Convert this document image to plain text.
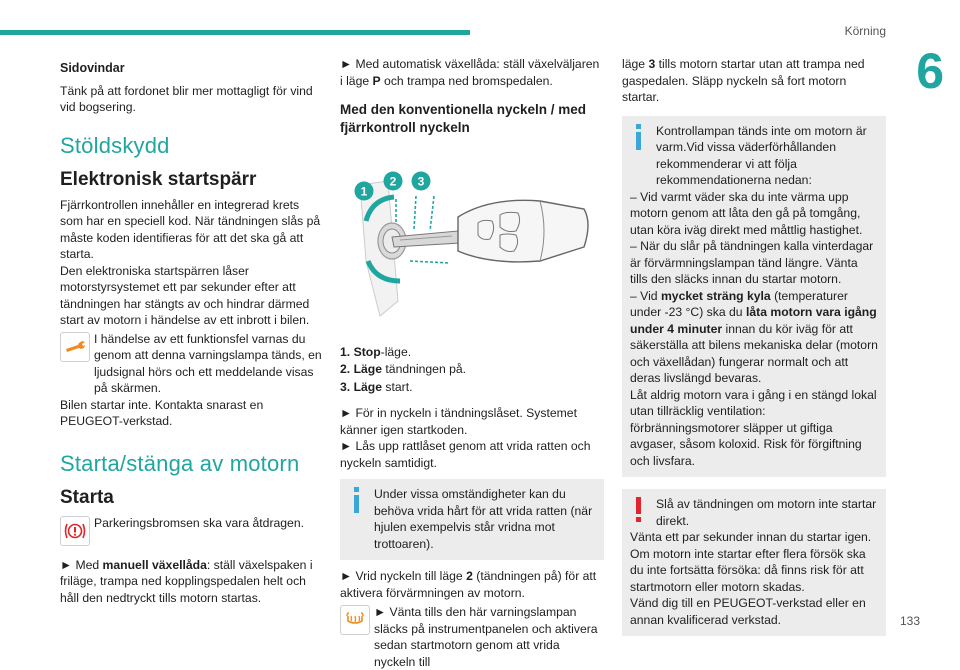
Körning
6
133
Sidovindar

Tänk på att fordonet blir mer mottagligt för vind vid bogsering.

Stöldskydd
Elektronisk startspärr

Fjärrkontrollen innehåller en integrerad krets som har en speciell kod. När tändningen slås på måste koden identifieras för att det ska gå att starta.

Den elektroniska startspärren låser motorstyrsystemet ett par sekunder efter att tändningen har stängts av och hindrar därmed start av motorn i händelse av ett inbrott i bilen.

I händelse av ett funktionsfel varnas du genom att denna varningslampa tänds, en ljudsignal hörs och ett meddelande visas på skärmen.

Bilen startar inte. Kontakta snarast en PEUGEOT-verkstad.

Starta/stänga av motorn
Starta
Parkeringsbromsen ska vara åtdragen.

► Med manuell växellåda: ställ växelspaken i friläge, trampa ned kopplingspedalen helt och håll den nedtryckt tills motorn startas.

► Med automatisk växellåda: ställ växelväljaren i läge P och trampa ned bromspedalen.

Med den konventionella nyckeln / med fjärrkontroll nyckeln
1
2 3
1. Stop-läge.
2. Läge tändningen på.
3. Läge start.

► För in nyckeln i tändningslåset. Systemet känner igen startkoden.

► Lås upp rattlåset genom att vrida ratten och nyckeln samtidigt.

Under vissa omständigheter kan du behöva vrida hårt för att vrida ratten (när hjulen exempelvis står vridna mot trottoaren).

► Vrid nyckeln till läge 2 (tändningen på) för att aktivera förvärmningen av motorn.

► Vänta tills den här varningslampan släcks på instrumentpanelen och aktivera sedan startmotorn genom att vrida nyckeln till

läge 3 tills motorn startar utan att trampa ned gaspedalen. Släpp nyckeln så fort motorn startar.

Kontrollampan tänds inte om motorn är varm.Vid vissa väderförhållanden rekommenderar vi att följa rekommendationerna nedan:

– Vid varmt väder ska du inte värma upp motorn genom att låta den gå på tomgång, utan köra iväg direkt med måttlig hastighet.

– När du slår på tändningen kalla vinterdagar är förvärmningslampan tänd längre. Vänta tills den släcks innan du startar motorn.

– Vid mycket sträng kyla (temperaturer under -23 °C) ska du låta motorn vara igång under 4 minuter innan du kör iväg för att säkerställa att bilens mekaniska delar (motorn och växellådan) fungerar normalt och att deras livslängd bevaras.

Låt aldrig motorn vara i gång i en stängd lokal utan tillräcklig ventilation: förbränningsmotorer släpper ut giftiga avgaser, såsom koloxid. Risk för förgiftning och livsfara.

Slå av tändningen om motorn inte startar direkt.

Vänta ett par sekunder innan du startar igen. Om motorn inte startar efter flera försök ska du inte fortsätta försöka: då finns risk för att startmotorn eller motorn skadas.

Vänd dig till en PEUGEOT-verkstad eller en annan kvalificerad verkstad.
